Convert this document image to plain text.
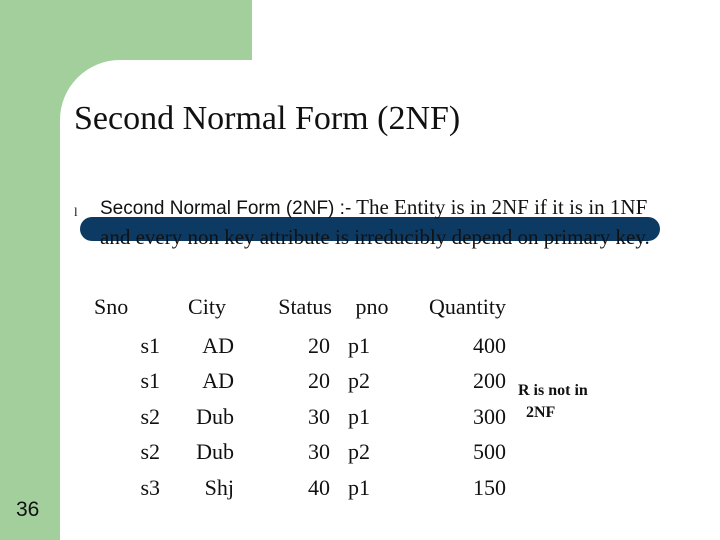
Second Normal Form (2NF)
l Second Normal Form (2NF) :- The Entity is in 2NF if it is in 1NF and every non key attribute is irreducibly depend on primary key.
Sno	City	Status	pno	Quantity
s1	AD	20	p1	400
s1	AD	20	p2	200
s2	Dub	30	p1	300
s2	Dub	30	p2	500
s3	Shj	40	p1	150
R is not in
2NF
36
